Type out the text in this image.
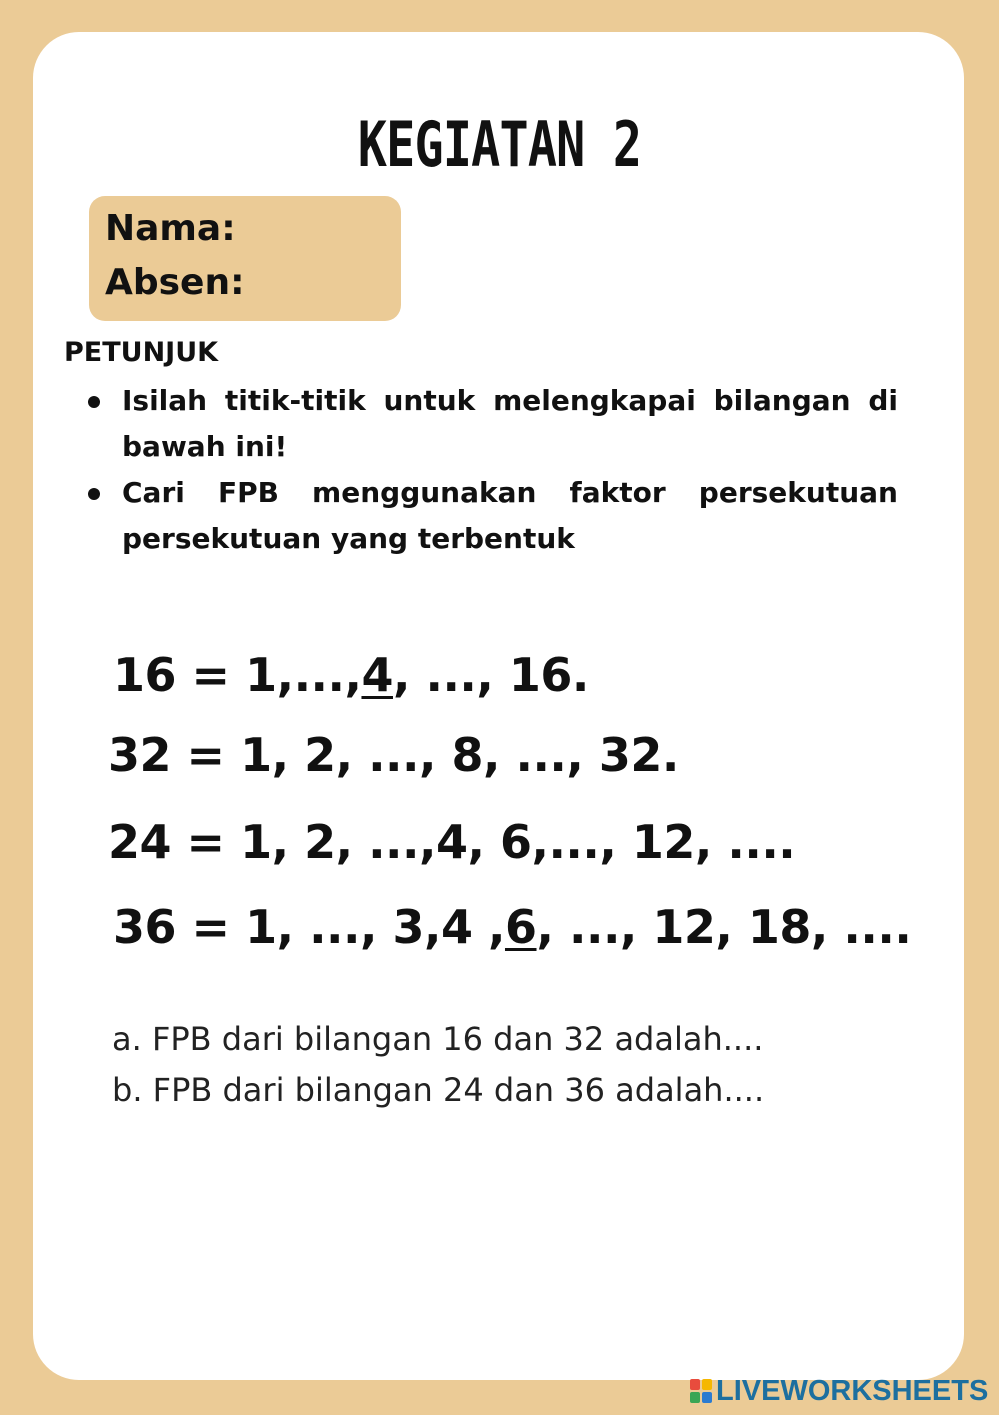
KEGIATAN 2
Nama:
Absen:
PETUNJUK
Isilah titik-titik untuk melengkapai bilangan di bawah ini!
Cari FPB menggunakan faktor persekutuan persekutuan yang terbentuk
16 = 1,...,4, ..., 16.
32 = 1, 2, ..., 8, ..., 32.
24 = 1, 2, ...,4, 6,..., 12, ....
36 = 1, ..., 3,4 ,6, ..., 12, 18, ....
a. FPB dari bilangan 16 dan 32 adalah....
b. FPB dari bilangan 24 dan 36 adalah....
LIVEWORKSHEETS
